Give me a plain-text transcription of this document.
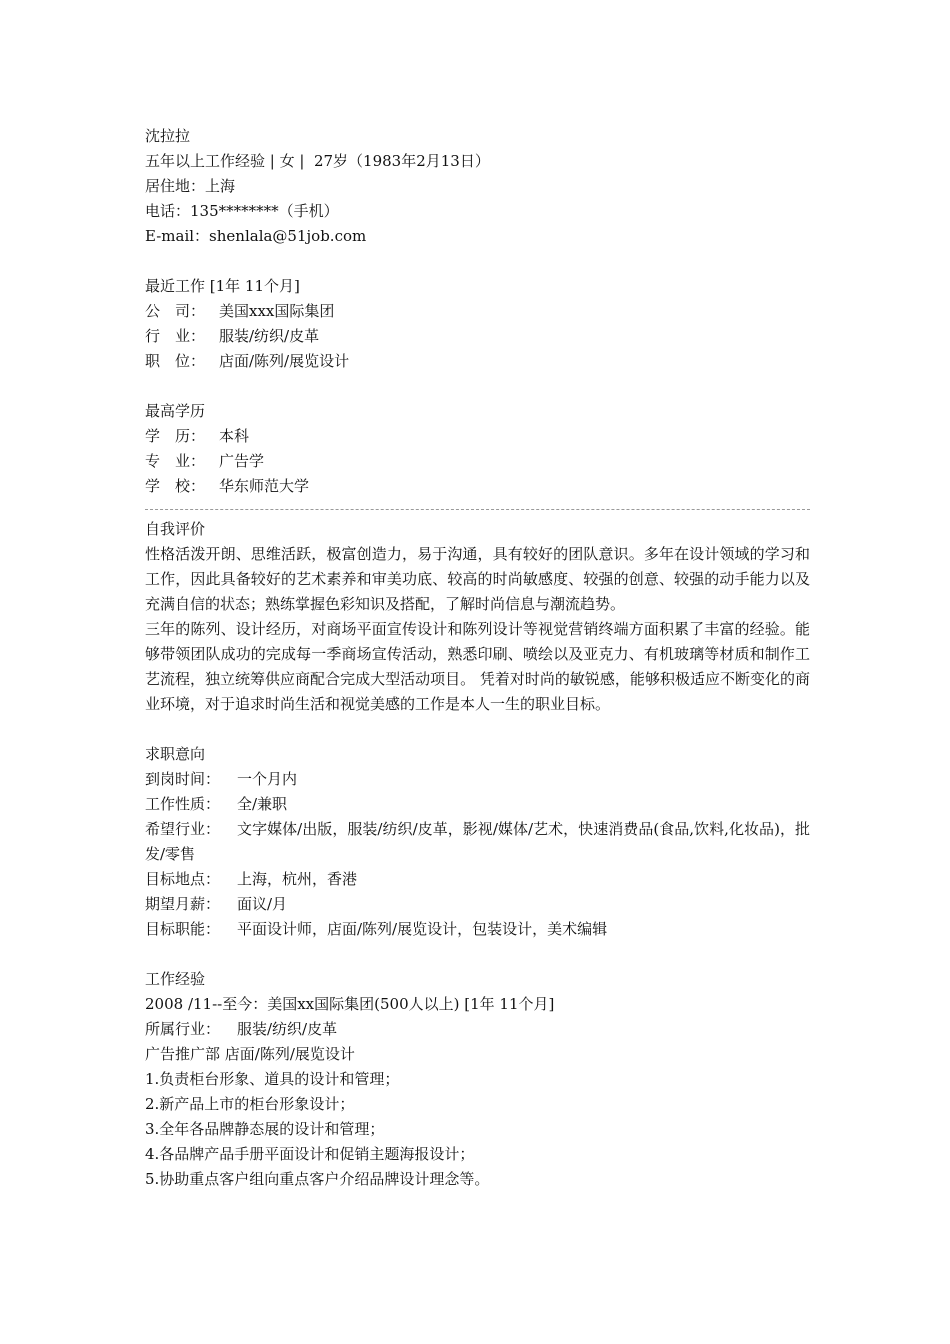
沈拉拉
五年以上工作经验 | 女 |  27岁（1983年2月13日）
居住地：上海
电话：135********（手机）
E-mail：shenlala@51job.com
最近工作 [1年 11个月]
公　司： 美国xxx国际集团
行　业： 服装/纺织/皮革
职　位： 店面/陈列/展览设计
最高学历
学　历： 本科
专　业： 广告学
学　校： 华东师范大学
自我评价
性格活泼开朗、思维活跃，极富创造力，易于沟通，具有较好的团队意识。多年在设计领域的学习和工作，因此具备较好的艺术素养和审美功底、较高的时尚敏感度、较强的创意、较强的动手能力以及充满自信的状态；熟练掌握色彩知识及搭配，了解时尚信息与潮流趋势。
三年的陈列、设计经历，对商场平面宣传设计和陈列设计等视觉营销终端方面积累了丰富的经验。能够带领团队成功的完成每一季商场宣传活动，熟悉印刷、喷绘以及亚克力、有机玻璃等材质和制作工艺流程，独立统筹供应商配合完成大型活动项目。 凭着对时尚的敏锐感，能够积极适应不断变化的商业环境，对于追求时尚生活和视觉美感的工作是本人一生的职业目标。
求职意向
到岗时间： 一个月内
工作性质： 全/兼职
希望行业： 文字媒体/出版，服装/纺织/皮革，影视/媒体/艺术，快速消费品(食品,饮料,化妆品)，批发/零售
目标地点： 上海，杭州，香港
期望月薪： 面议/月
目标职能： 平面设计师，店面/陈列/展览设计，包装设计，美术编辑
工作经验
2008 /11--至今：美国xx国际集团(500人以上) [1年 11个月]
所属行业： 服装/纺织/皮革
广告推广部 店面/陈列/展览设计
1.负责柜台形象、道具的设计和管理；
2.新产品上市的柜台形象设计；
3.全年各品牌静态展的设计和管理；
4.各品牌产品手册平面设计和促销主题海报设计；
5.协助重点客户组向重点客户介绍品牌设计理念等。
